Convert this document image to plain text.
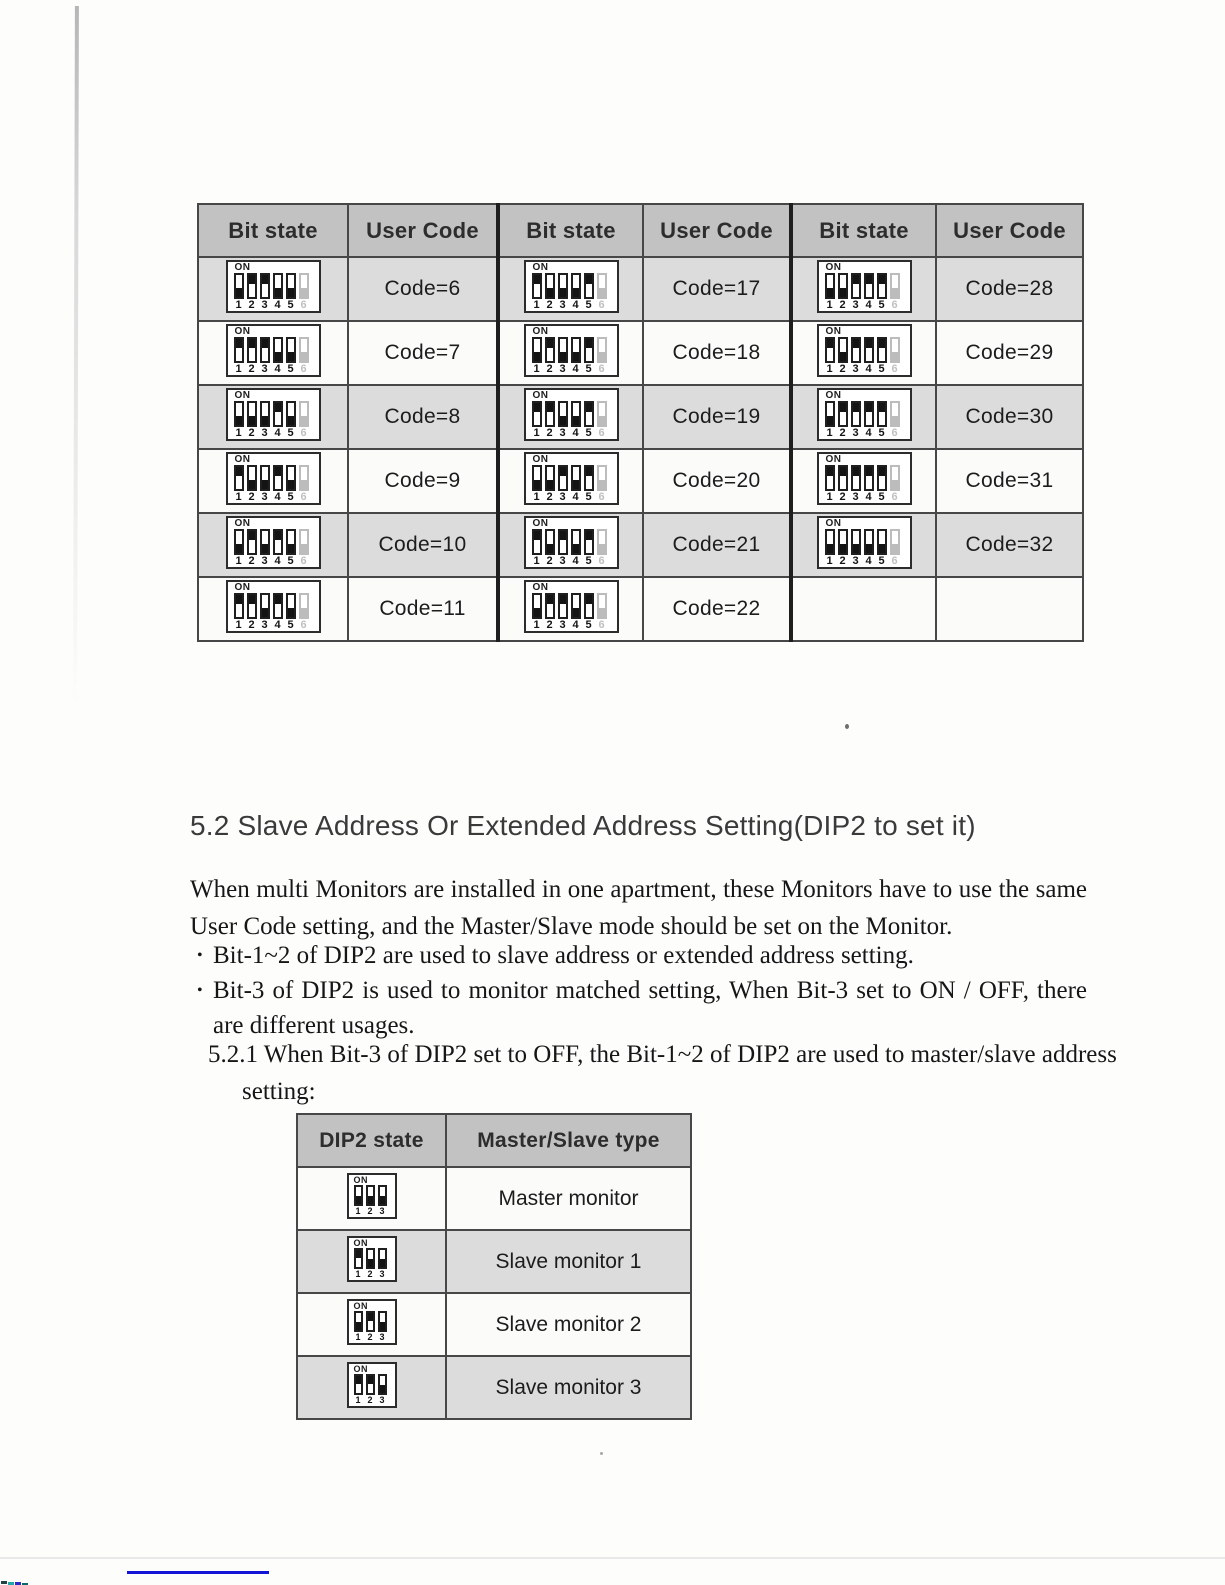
Bit state	User Code	Bit state	User Code	Bit state	User Code

ON
1 2 3 4 5 6
	Code=6	
ON
1 2 3 4 5 6
	Code=17	
ON
1 2 3 4 5 6
	Code=28

ON
1 2 3 4 5 6
	Code=7	
ON
1 2 3 4 5 6
	Code=18	
ON
1 2 3 4 5 6
	Code=29

ON
1 2 3 4 5 6
	Code=8	
ON
1 2 3 4 5 6
	Code=19	
ON
1 2 3 4 5 6
	Code=30

ON
1 2 3 4 5 6
	Code=9	
ON
1 2 3 4 5 6
	Code=20	
ON
1 2 3 4 5 6
	Code=31

ON
1 2 3 4 5 6
	Code=10	
ON
1 2 3 4 5 6
	Code=21	
ON
1 2 3 4 5 6
	Code=32

ON
1 2 3 4 5 6
	Code=11	
ON
1 2 3 4 5 6
	Code=22		
5.2 Slave Address Or Extended Address Setting(DIP2 to set it)
When multi Monitors are installed in one apartment, these Monitors have to use the same User Code setting, and the Master/Slave mode should be set on the Monitor.
• Bit-1~2 of DIP2 are used to slave address or extended address setting.
• Bit-3 of DIP2 is used to monitor matched setting, When Bit-3 set to ON / OFF, there are different usages.
5.2.1 When Bit-3 of DIP2 set to OFF, the Bit-1~2 of DIP2 are used to master/slave address setting:
DIP2 state	Master/Slave type

ON
1 2 3	Master monitor

ON
1 2 3	Slave monitor 1

ON
1 2 3	Slave monitor 2

ON
1 2 3	Slave monitor 3
